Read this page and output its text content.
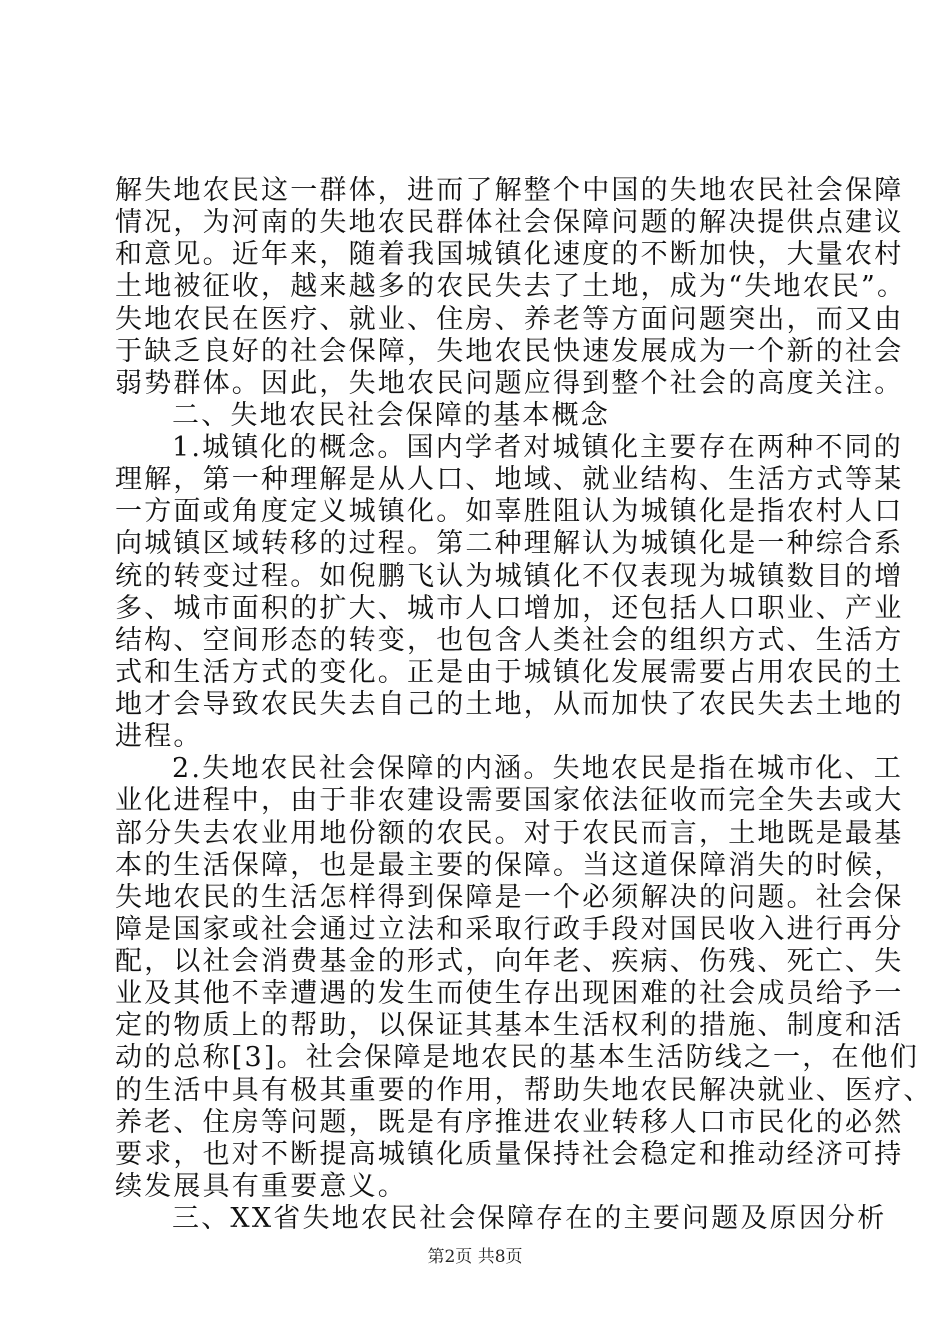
解失地农民这一群体，进而了解整个中国的失地农民社会保障
情况，为河南的失地农民群体社会保障问题的解决提供点建议
和意见。近年来，随着我国城镇化速度的不断加快，大量农村
土地被征收，越来越多的农民失去了土地，成为“失地农民”。
失地农民在医疗、就业、住房、养老等方面问题突出，而又由
于缺乏良好的社会保障，失地农民快速发展成为一个新的社会
弱势群体。因此，失地农民问题应得到整个社会的高度关注。
二、失地农民社会保障的基本概念
1.城镇化的概念。国内学者对城镇化主要存在两种不同的
理解，第一种理解是从人口、地域、就业结构、生活方式等某
一方面或角度定义城镇化。如辜胜阻认为城镇化是指农村人口
向城镇区域转移的过程。第二种理解认为城镇化是一种综合系
统的转变过程。如倪鹏飞认为城镇化不仅表现为城镇数目的增
多、城市面积的扩大、城市人口增加，还包括人口职业、产业
结构、空间形态的转变，也包含人类社会的组织方式、生活方
式和生活方式的变化。正是由于城镇化发展需要占用农民的土
地才会导致农民失去自己的土地，从而加快了农民失去土地的
进程。
2.失地农民社会保障的内涵。失地农民是指在城市化、工
业化进程中，由于非农建设需要国家依法征收而完全失去或大
部分失去农业用地份额的农民。对于农民而言，土地既是最基
本的生活保障，也是最主要的保障。当这道保障消失的时候，
失地农民的生活怎样得到保障是一个必须解决的问题。社会保
障是国家或社会通过立法和采取行政手段对国民收入进行再分
配，以社会消费基金的形式，向年老、疾病、伤残、死亡、失
业及其他不幸遭遇的发生而使生存出现困难的社会成员给予一
定的物质上的帮助，以保证其基本生活权利的措施、制度和活
动的总称[3]。社会保障是地农民的基本生活防线之一，在他们
的生活中具有极其重要的作用，帮助失地农民解决就业、医疗、
养老、住房等问题，既是有序推进农业转移人口市民化的必然
要求，也对不断提高城镇化质量保持社会稳定和推动经济可持
续发展具有重要意义。
三、XX省失地农民社会保障存在的主要问题及原因分析
第2页 共8页
